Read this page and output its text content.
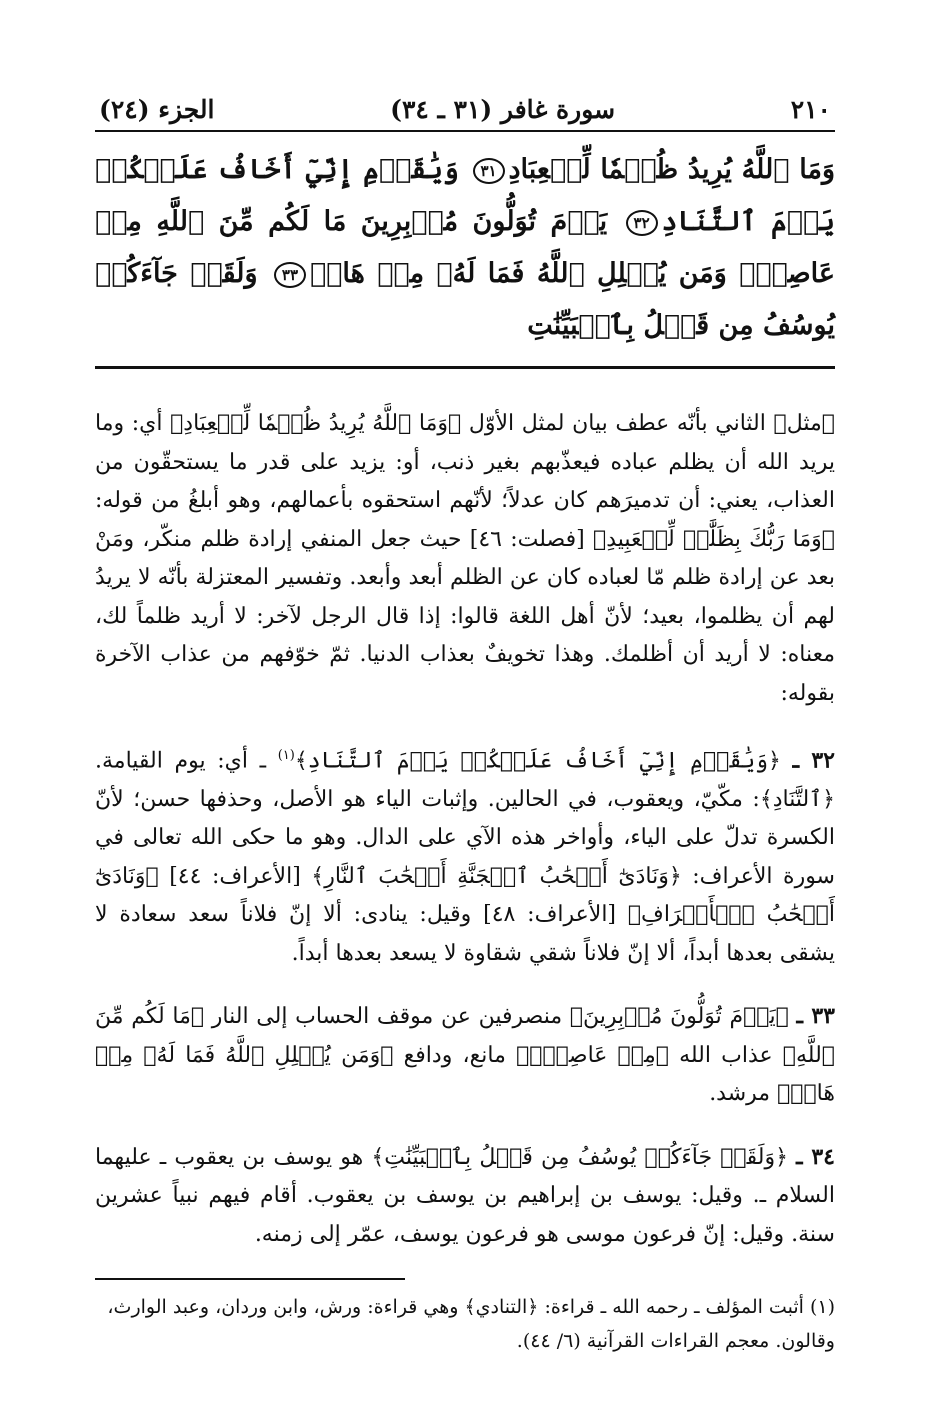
٢١٠
سورة غافر (٣١ ـ ٣٤)
الجزء (٢٤)
وَمَا ٱللَّهُ يُرِيدُ ظُلۡمٗا لِّلۡعِبَادِ٣١ وَيَٰقَوۡمِ إِنِّيٓ أَخَافُ عَلَيۡكُمۡ يَوۡمَ ٱلتَّنَادِ٣٢ يَوۡمَ تُوَلُّونَ مُدۡبِرِينَ مَا لَكُم مِّنَ ٱللَّهِ مِنۡ عَاصِمٖۗ وَمَن يُضۡلِلِ ٱللَّهُ فَمَا لَهُۥ مِنۡ هَادٖ٣٣ وَلَقَدۡ جَآءَكُمۡ يُوسُفُ مِن قَبۡلُ بِٱلۡبَيِّنَٰتِ

﴿مثل﴾ الثاني بأنّه عطف بيان لمثل الأوّل ﴿وَمَا ٱللَّهُ يُرِيدُ ظُلۡمٗا لِّلۡعِبَادِ﴾ أي: وما يريد الله أن يظلم عباده فيعذّبهم بغير ذنب، أو: يزيد على قدر ما يستحقّون من العذاب، يعني: أن تدميرَهم كان عدلاً؛ لأنّهم استحقوه بأعمالهم، وهو أبلغُ من قوله: ﴿وَمَا رَبُّكَ بِظَلَّٰمٖ لِّلۡعَبِيدِ﴾ [فصلت: ٤٦] حيث جعل المنفي إرادة ظلم منكّر، ومَنْ بعد عن إرادة ظلم مّا لعباده كان عن الظلم أبعد وأبعد. وتفسير المعتزلة بأنّه لا يريدُ لهم أن يظلموا، بعيد؛ لأنّ أهل اللغة قالوا: إذا قال الرجل لآخر: لا أريد ظلماً لك، معناه: لا أريد أن أظلمك. وهذا تخويفٌ بعذاب الدنيا. ثمّ خوّفهم من عذاب الآخرة بقوله:

٣٢ ـ ﴿وَيَٰقَوۡمِ إِنِّيٓ أَخَافُ عَلَيۡكُمۡ يَوۡمَ ٱلتَّنَادِ﴾$^{(١)}$ ـ أي: يوم القيامة. ﴿ٱلتَّنَادِ﴾: مكّيّ، ويعقوب، في الحالين. وإثبات الياء هو الأصل، وحذفها حسن؛ لأنّ الكسرة تدلّ على الياء، وأواخر هذه الآي على الدال. وهو ما حكى الله تعالى في سورة الأعراف: ﴿وَنَادَىٰٓ أَصۡحَٰبُ ٱلۡجَنَّةِ أَصۡحَٰبَ ٱلنَّارِ﴾ [الأعراف: ٤٤] ﴿وَنَادَىٰٓ أَصۡحَٰبُ ٱلۡأَعۡرَافِ﴾ [الأعراف: ٤٨] وقيل: ينادى: ألا إنّ فلاناً سعد سعادة لا يشقى بعدها أبداً، ألا إنّ فلاناً شقي شقاوة لا يسعد بعدها أبداً.

٣٣ ـ ﴿يَوۡمَ تُوَلُّونَ مُدۡبِرِينَ﴾ منصرفين عن موقف الحساب إلى النار ﴿مَا لَكُم مِّنَ ٱللَّهِ﴾ عذاب الله ﴿مِنۡ عَاصِمٖۗ﴾ مانع، ودافع ﴿وَمَن يُضۡلِلِ ٱللَّهُ فَمَا لَهُۥ مِنۡ هَادٖ﴾ مرشد.

٣٤ ـ ﴿وَلَقَدۡ جَآءَكُمۡ يُوسُفُ مِن قَبۡلُ بِٱلۡبَيِّنَٰتِ﴾ هو يوسف بن يعقوب ـ عليهما السلام ـ. وقيل: يوسف بن إبراهيم بن يوسف بن يعقوب. أقام فيهم نبياً عشرين سنة. وقيل: إنّ فرعون موسى هو فرعون يوسف، عمّر إلى زمنه.

(١) أثبت المؤلف ـ رحمه الله ـ قراءة: ﴿التنادي﴾ وهي قراءة: ورش، وابن وردان، وعبد الوارث، وقالون. معجم القراءات القرآنية (٦/ ٤٤).
